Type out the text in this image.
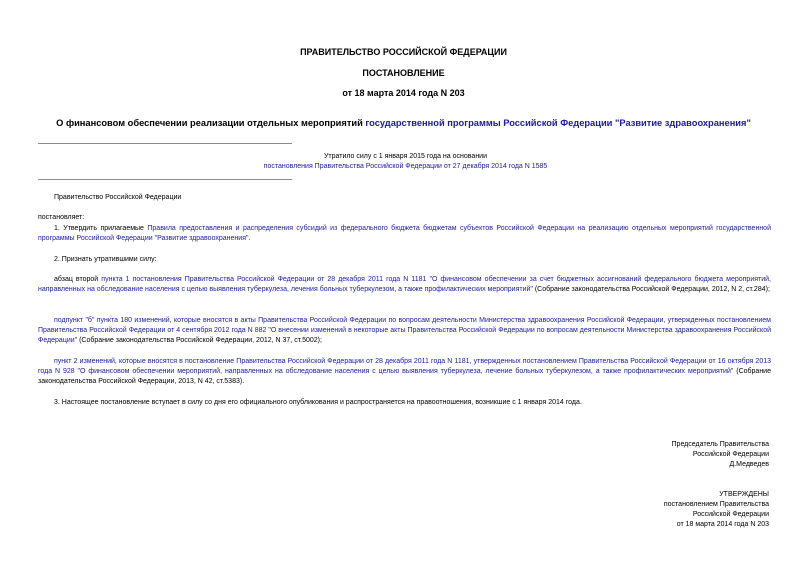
ПРАВИТЕЛЬСТВО РОССИЙСКОЙ ФЕДЕРАЦИИ
ПОСТАНОВЛЕНИЕ
от 18 марта 2014 года N 203
О финансовом обеспечении реализации отдельных мероприятий государственной программы Российской Федерации "Развитие здравоохранения"
Утратило силу с 1 января 2015 года на основании
постановления Правительства Российской Федерации от 27 декабря 2014 года N 1585
Правительство Российской Федерации
постановляет:
1. Утвердить прилагаемые Правила предоставления и распределения субсидий из федерального бюджета бюджетам субъектов Российской Федерации на реализацию отдельных мероприятий государственной программы Российской Федерации "Развитие здравоохранения".
2. Признать утратившими силу:
абзац второй пункта 1 постановления Правительства Российской Федерации от 28 декабря 2011 года N 1181 "О финансовом обеспечении за счет бюджетных ассигнований федерального бюджета мероприятий, направленных на обследование населения с целью выявления туберкулеза, лечения больных туберкулезом, а также профилактических мероприятий" (Собрание законодательства Российской Федерации, 2012, N 2, ст.284);
подпункт "б" пункта 180 изменений, которые вносятся в акты Правительства Российской Федерации по вопросам деятельности Министерства здравоохранения Российской Федерации, утвержденных постановлением Правительства Российской Федерации от 4 сентября 2012 года N 882 "О внесении изменений в некоторые акты Правительства Российской Федерации по вопросам деятельности Министерства здравоохранения Российской Федерации" (Собрание законодательства Российской Федерации, 2012, N 37, ст.5002);
пункт 2 изменений, которые вносятся в постановление Правительства Российской Федерации от 28 декабря 2011 года N 1181, утвержденных постановлением Правительства Российской Федерации от 16 октября 2013 года N 928 "О финансовом обеспечении мероприятий, направленных на обследование населения с целью выявления туберкулеза, лечение больных туберкулезом, а также профилактических мероприятий" (Собрание законодательства Российской Федерации, 2013, N 42, ст.5383).
3. Настоящее постановление вступает в силу со дня его официального опубликования и распространяется на правоотношения, возникшие с 1 января 2014 года.
Председатель Правительства
Российской Федерации
Д.Медведев
УТВЕРЖДЕНЫ
постановлением Правительства
Российской Федерации
от 18 марта 2014 года N 203
